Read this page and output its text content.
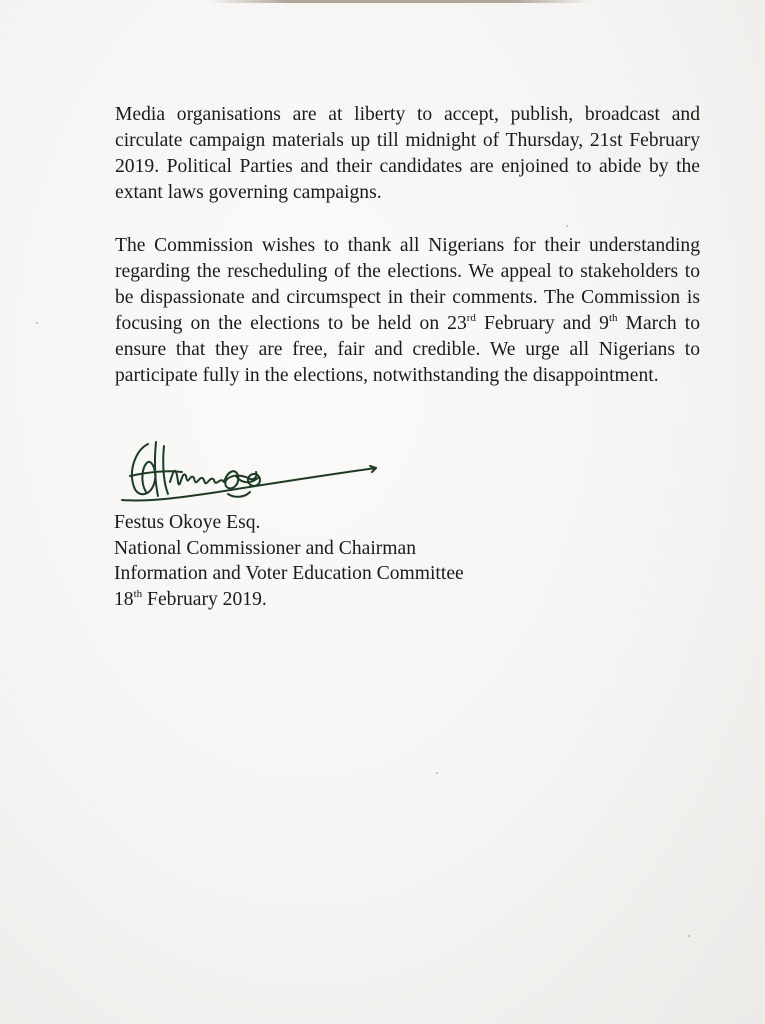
Media organisations are at liberty to accept, publish, broadcast and circulate campaign materials up till midnight of Thursday, 21st February 2019. Political Parties and their candidates are enjoined to abide by the extant laws governing campaigns.

The Commission wishes to thank all Nigerians for their understanding regarding the rescheduling of the elections. We appeal to stakeholders to be dispassionate and circumspect in their comments. The Commission is focusing on the elections to be held on 23rd February and 9th March to ensure that they are free, fair and credible. We urge all Nigerians to participate fully in the elections, notwithstanding the disappointment.

Festus Okoye Esq.
National Commissioner and Chairman
Information and Voter Education Committee
18th February 2019.
